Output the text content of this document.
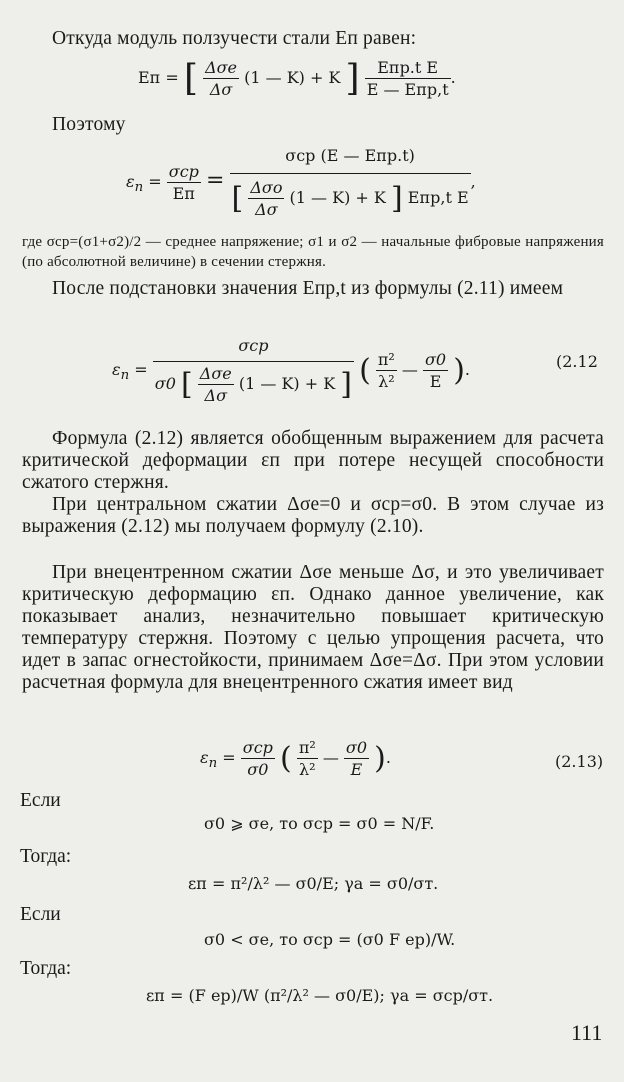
Откуда модуль ползучести стали Eп равен:

Eп = [ $\frac{\text{Δσe}}{\Delta\sigma} (1$ — K) + K ] $\frac{\text{Eпр.t E}}{\text{E — Eпр,t}}$ .

Поэтому

$\varepsilon_п = \frac{\text{σср}}{Eп}$ =
σср (E — Eпр.t)
[ $\frac{\text{Δσo}}{\Delta\sigma} (1$ — K) + K ] Eпр,t E
,

где σср=(σ1+σ2)/2 — среднее напряжение; σ1 и σ2 — начальные фибровые напряжения (по абсолютной величине) в сечении стержня.

После подстановки значения Eпр,t из формулы (2.11) имеем

$\varepsilon_п = \frac{\text{σср}}{\sigma 0 [ \frac{\text{Δσe}}{\Delta\sigma} (1 — K) + K ]}$ ( $\frac{\text{π²}}{\text{λ²}}$ — $\frac{\sigma 0}{E}$ ).	(2.12

Формула (2.12) является обобщенным выражением для расчета критической деформации εп при потере несущей способности сжатого стержня.

При центральном сжатии Δσe=0 и σср=σ0. В этом случае из выражения (2.12) мы получаем формулу (2.10).

При внецентренном сжатии Δσe меньше Δσ, и это увеличивает критическую деформацию εп. Однако данное увеличение, как показывает анализ, незначительно повышает критическую температуру стержня. Поэтому с целью упрощения расчета, что идет в запас огнестойкости, принимаем Δσe=Δσ. При этом условии расчетная формула для внецентренного сжатия имеет вид

$\varepsilon_п = \frac{\text{σср}}{\sigma 0}$ ( $\frac{\text{π²}}{\text{λ²}}$ — $\frac{\sigma 0}{E}$ ).	(2.13)
Если
σ0 ⩾ σe, то σср = σ0 = N/F.
Тогда:
εп = π²/λ² — σ0/E; γa = σ0/σт.
Если
σ0 < σe, то σср = (σ0 F ep)/W.
Тогда:
εп = (F ep)/W (π²/λ² — σ0/E); γa = σср/σт.
111
